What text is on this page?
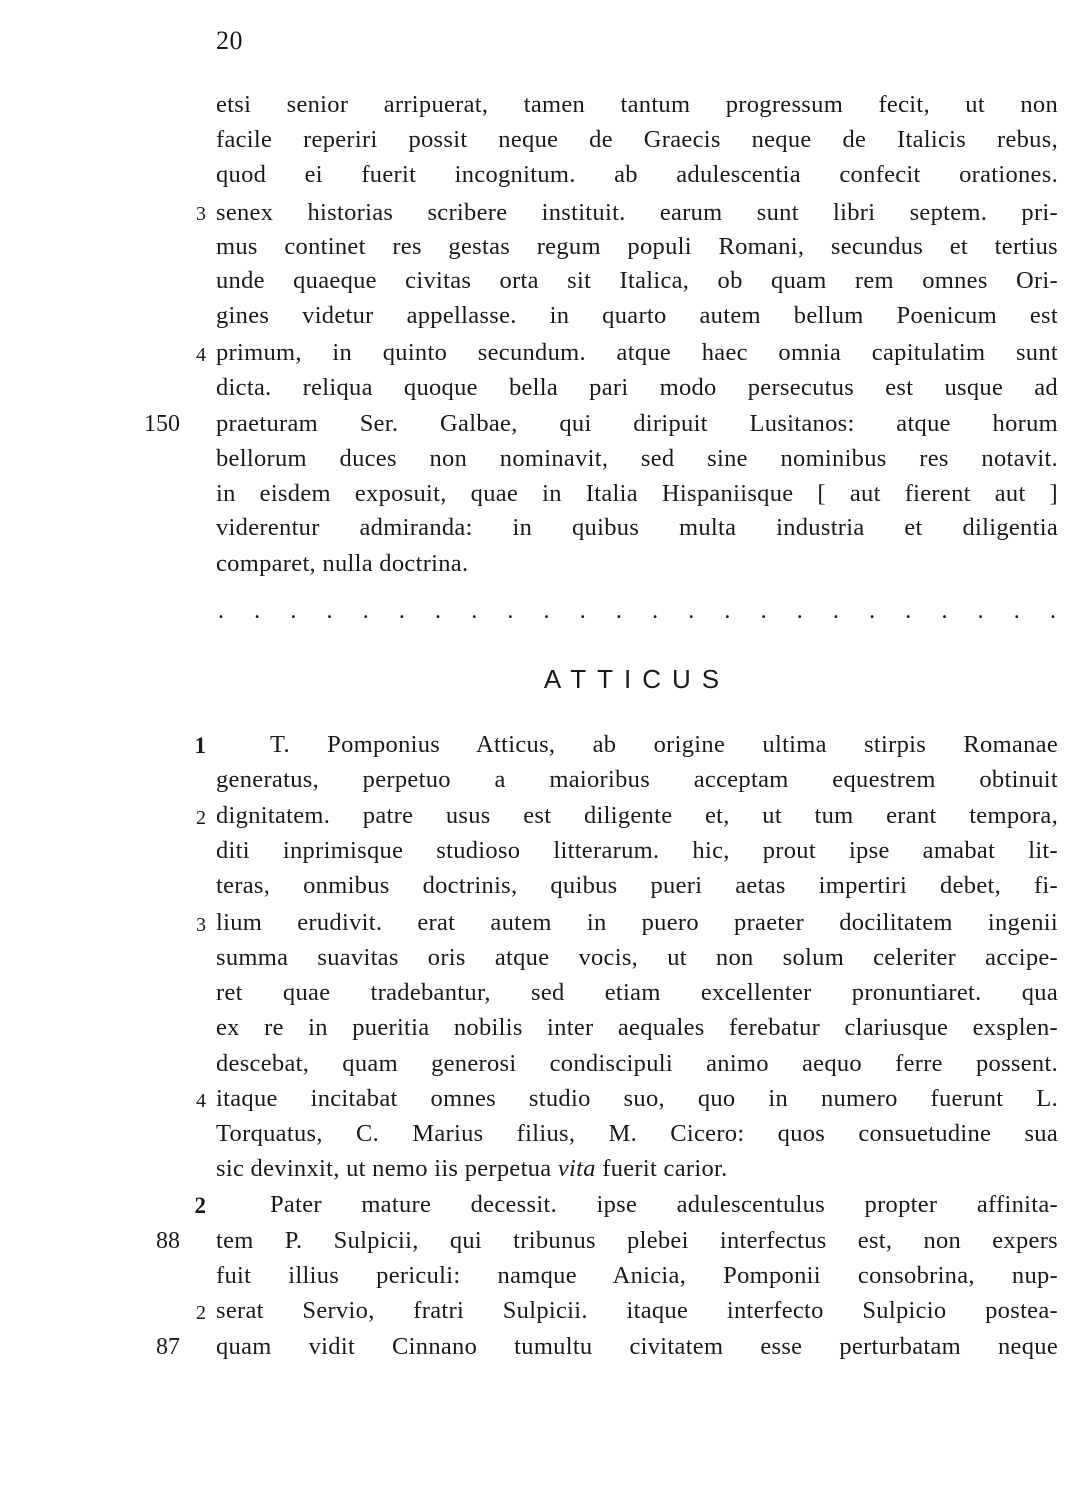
20
etsi senior arripuerat, tamen tantum progressum fecit, ut non
facile reperiri possit neque de Graecis neque de Italicis rebus,
quod ei fuerit incognitum. ab adulescentia confecit orationes.
senex historias scribere instituit. earum sunt libri septem. pri-
mus continet res gestas regum populi Romani, secundus et tertius
unde quaeque civitas orta sit Italica, ob quam rem omnes Ori-
gines videtur appellasse. in quarto autem bellum Poenicum est
primum, in quinto secundum. atque haec omnia capitulatim sunt
dicta. reliqua quoque bella pari modo persecutus est usque ad
praeturam Ser. Galbae, qui diripuit Lusitanos: atque horum
bellorum duces non nominavit, sed sine nominibus res notavit.
in eisdem exposuit, quae in Italia Hispaniisque [ aut fierent aut ]
viderentur admiranda: in quibus multa industria et diligentia
comparet, nulla doctrina.
3
4
150
. . . . . . . . . . . . . . . . . . . . . . . .
ATTICUS
T. Pomponius Atticus, ab origine ultima stirpis Romanae
generatus, perpetuo a maioribus acceptam equestrem obtinuit
dignitatem. patre usus est diligente et, ut tum erant tempora,
diti inprimisque studioso litterarum. hic, prout ipse amabat lit-
teras, onmibus doctrinis, quibus pueri aetas impertiri debet, fi-
lium erudivit. erat autem in puero praeter docilitatem ingenii
summa suavitas oris atque vocis, ut non solum celeriter accipe-
ret quae tradebantur, sed etiam excellenter pronuntiaret. qua
ex re in pueritia nobilis inter aequales ferebatur clariusque exsplen-
descebat, quam generosi condiscipuli animo aequo ferre possent.
itaque incitabat omnes studio suo, quo in numero fuerunt L.
Torquatus, C. Marius filius, M. Cicero: quos consuetudine sua
sic devinxit, ut nemo iis perpetua vita fuerit carior.
Pater mature decessit. ipse adulescentulus propter affinita-
tem P. Sulpicii, qui tribunus plebei interfectus est, non expers
fuit illius periculi: namque Anicia, Pomponii consobrina, nup-
serat Servio, fratri Sulpicii. itaque interfecto Sulpicio postea-
quam vidit Cinnano tumultu civitatem esse perturbatam neque
1
2
3
4
2
88
2
87
